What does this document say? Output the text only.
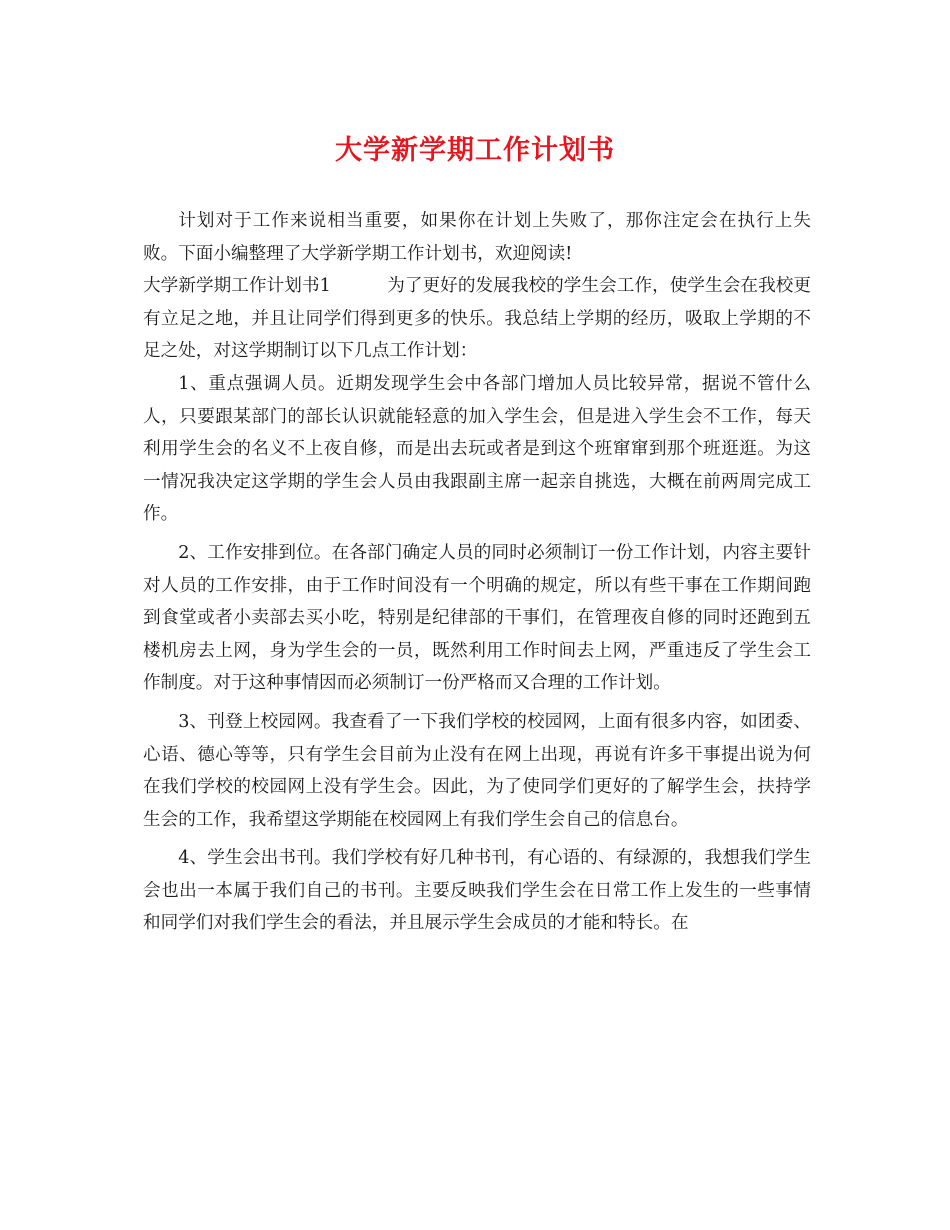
大学新学期工作计划书

计划对于工作来说相当重要，如果你在计划上失败了，那你注定会在执行上失败。下面小编整理了大学新学期工作计划书，欢迎阅读!

大学新学期工作计划书1	为了更好的发展我校的学生会工作，使学生会在我校更有立足之地，并且让同学们得到更多的快乐。我总结上学期的经历，吸取上学期的不足之处，对这学期制订以下几点工作计划：

1、重点强调人员。近期发现学生会中各部门增加人员比较异常，据说不管什么人，只要跟某部门的部长认识就能轻意的加入学生会，但是进入学生会不工作，每天利用学生会的名义不上夜自修，而是出去玩或者是到这个班窜窜到那个班逛逛。为这一情况我决定这学期的学生会人员由我跟副主席一起亲自挑选，大概在前两周完成工作。

2、工作安排到位。在各部门确定人员的同时必须制订一份工作计划，内容主要针对人员的工作安排，由于工作时间没有一个明确的规定，所以有些干事在工作期间跑到食堂或者小卖部去买小吃，特别是纪律部的干事们，在管理夜自修的同时还跑到五楼机房去上网，身为学生会的一员，既然利用工作时间去上网，严重违反了学生会工作制度。对于这种事情因而必须制订一份严格而又合理的工作计划。

3、刊登上校园网。我查看了一下我们学校的校园网，上面有很多内容，如团委、心语、德心等等，只有学生会目前为止没有在网上出现，再说有许多干事提出说为何在我们学校的校园网上没有学生会。因此，为了使同学们更好的了解学生会，扶持学生会的工作，我希望这学期能在校园网上有我们学生会自己的信息台。

4、学生会出书刊。我们学校有好几种书刊，有心语的、有绿源的，我想我们学生会也出一本属于我们自己的书刊。主要反映我们学生会在日常工作上发生的一些事情和同学们对我们学生会的看法，并且展示学生会成员的才能和特长。在
